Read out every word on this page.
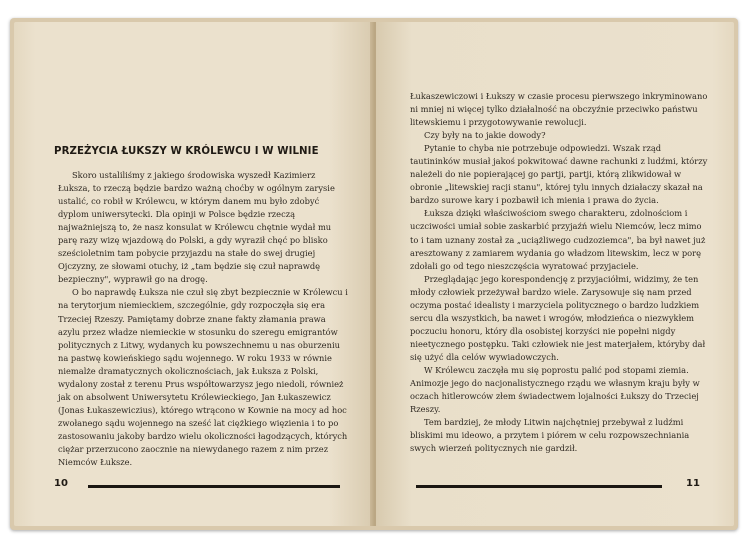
PRZEŻYCIA ŁUKSZY W KRÓLEWCU I W WILNIE

Skoro ustaliliśmy z jakiego środowiska wyszedł Kazimierz Łuksza, to rzeczą będzie bardzo ważną choćby w ogólnym zarysie ustalić, co robił w Królewcu, w którym danem mu było zdobyć dyplom uniwersytecki. Dla opinji w Polsce będzie rzeczą najważniejszą to, że nasz konsulat w Królewcu chętnie wydał mu parę razy wizę wjazdową do Polski, a gdy wyraził chęć po blisko sześcioletnim tam pobycie przyjazdu na stałe do swej drugiej Ojczyzny, ze słowami otuchy, iż „tam będzie się czuł naprawdę bezpieczny", wyprawił go na drogę.

O bo naprawdę Łuksza nie czuł się zbyt bezpiecznie w Królewcu i na terytorjum niemieckiem, szczególnie, gdy rozpoczęła się era Trzeciej Rzeszy. Pamiętamy dobrze znane fakty złamania prawa azylu przez władze niemieckie w stosunku do szeregu emigrantów politycznych z Litwy, wydanych ku powszechnemu u nas oburzeniu na pastwę kowieńskiego sądu wojennego. W roku 1933 w równie niemalże dramatycznych okolicznościach, jak Łuksza z Polski, wydalony został z terenu Prus współtowarzysz jego niedoli, również jak on absolwent Uniwersytetu Królewieckiego, Jan Łukaszewicz (Jonas Łukaszewiczius), którego wtrącono w Kownie na mocy ad hoc zwołanego sądu wojennego na sześć lat ciężkiego więzienia i to po zastosowaniu jakoby bardzo wielu okoliczności łagodzących, których ciężar przerzucono zaocznie na niewydanego razem z nim przez Niemców Łuksze.

10

Łukaszewiczowi i Łukszy w czasie procesu pierwszego inkryminowano ni mniej ni więcej tylko działalność na obczyźnie przeciwko państwu litewskiemu i przygotowywanie rewolucji.

Czy były na to jakie dowody?

Pytanie to chyba nie potrzebuje odpowiedzi. Wszak rząd tautininków musiał jakoś pokwitować dawne rachunki z ludźmi, którzy należeli do nie popierającej go partji, partji, którą zlikwidował w obronie „litewskiej racji stanu", której tylu innych działaczy skazał na bardzo surowe kary i pozbawił ich mienia i prawa do życia.

Łuksza dzięki właściwościom swego charakteru, zdolnościom i uczciwości umiał sobie zaskarbić przyjaźń wielu Niemców, lecz mimo to i tam uznany został za „uciążliwego cudzoziemca", ba był nawet już aresztowany z zamiarem wydania go władzom litewskim, lecz w porę zdołali go od tego nieszczęścia wyratować przyjaciele.

Przeglądając jego korespondencję z przyjaciółmi, widzimy, że ten młody człowiek przeżywał bardzo wiele. Zarysowuje się nam przed oczyma postać idealisty i marzyciela politycznego o bardzo ludzkiem sercu dla wszystkich, ba nawet i wrogów, młodzieńca o niezwykłem poczuciu honoru, który dla osobistej korzyści nie popełni nigdy nieetycznego postępku. Taki człowiek nie jest materjałem, któryby dał się użyć dla celów wywiadowczych.

W Królewcu zaczęła mu się poprostu palić pod stopami ziemia. Animozje jego do nacjonalistycznego rządu we własnym kraju były w oczach hitlerowców złem świadectwem lojalności Łukszy do Trzeciej Rzeszy.

Tem bardziej, że młody Litwin najchętniej przebywał z ludźmi bliskimi mu ideowo, a przytem i piórem w celu rozpowszechniania swych wierzeń politycznych nie gardził.

11
